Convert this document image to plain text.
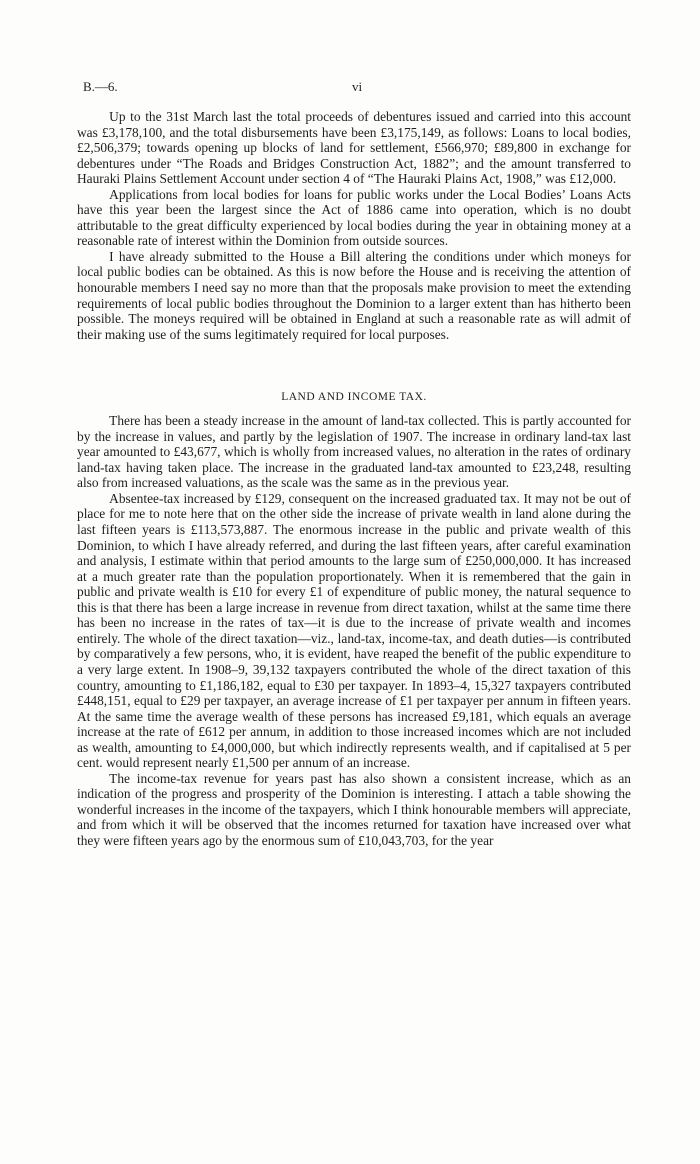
B.—6.	vi

Up to the 31st March last the total proceeds of debentures issued and carried into this account was £3,178,100, and the total disbursements have been £3,175,149, as follows: Loans to local bodies, £2,506,379; towards opening up blocks of land for settlement, £566,970; £89,800 in exchange for debentures under “The Roads and Bridges Construction Act, 1882”; and the amount transferred to Hauraki Plains Settlement Account under section 4 of “The Hauraki Plains Act, 1908,” was £12,000.

Applications from local bodies for loans for public works under the Local Bodies’ Loans Acts have this year been the largest since the Act of 1886 came into operation, which is no doubt attributable to the great difficulty experienced by local bodies during the year in obtaining money at a reasonable rate of interest within the Dominion from outside sources.

I have already submitted to the House a Bill altering the conditions under which moneys for local public bodies can be obtained. As this is now before the House and is receiving the attention of honourable members I need say no more than that the proposals make provision to meet the extending requirements of local public bodies throughout the Dominion to a larger extent than has hitherto been possible. The moneys required will be obtained in England at such a reasonable rate as will admit of their making use of the sums legitimately required for local purposes.

LAND AND INCOME TAX.

There has been a steady increase in the amount of land-tax collected. This is partly accounted for by the increase in values, and partly by the legislation of 1907. The increase in ordinary land-tax last year amounted to £43,677, which is wholly from increased values, no alteration in the rates of ordinary land-tax having taken place. The increase in the graduated land-tax amounted to £23,248, resulting also from increased valuations, as the scale was the same as in the previous year.

Absentee-tax increased by £129, consequent on the increased graduated tax. It may not be out of place for me to note here that on the other side the increase of private wealth in land alone during the last fifteen years is £113,573,887. The enormous increase in the public and private wealth of this Dominion, to which I have already referred, and during the last fifteen years, after careful examination and analysis, I estimate within that period amounts to the large sum of £250,000,000. It has increased at a much greater rate than the population proportionately. When it is remembered that the gain in public and private wealth is £10 for every £1 of expenditure of public money, the natural sequence to this is that there has been a large increase in revenue from direct taxation, whilst at the same time there has been no increase in the rates of tax—it is due to the increase of private wealth and incomes entirely. The whole of the direct taxation—viz., land-tax, income-tax, and death duties—is contributed by comparatively a few persons, who, it is evident, have reaped the benefit of the public expenditure to a very large extent. In 1908–9, 39,132 taxpayers contributed the whole of the direct taxation of this country, amounting to £1,186,182, equal to £30 per taxpayer. In 1893–4, 15,327 taxpayers contributed £448,151, equal to £29 per taxpayer, an average increase of £1 per taxpayer per annum in fifteen years. At the same time the average wealth of these persons has increased £9,181, which equals an average increase at the rate of £612 per annum, in addition to those increased incomes which are not included as wealth, amounting to £4,000,000, but which indirectly represents wealth, and if capitalised at 5 per cent. would represent nearly £1,500 per annum of an increase.

The income-tax revenue for years past has also shown a consistent increase, which as an indication of the progress and prosperity of the Dominion is interesting. I attach a table showing the wonderful increases in the income of the taxpayers, which I think honourable members will appreciate, and from which it will be observed that the incomes returned for taxation have increased over what they were fifteen years ago by the enormous sum of £10,043,703, for the year
